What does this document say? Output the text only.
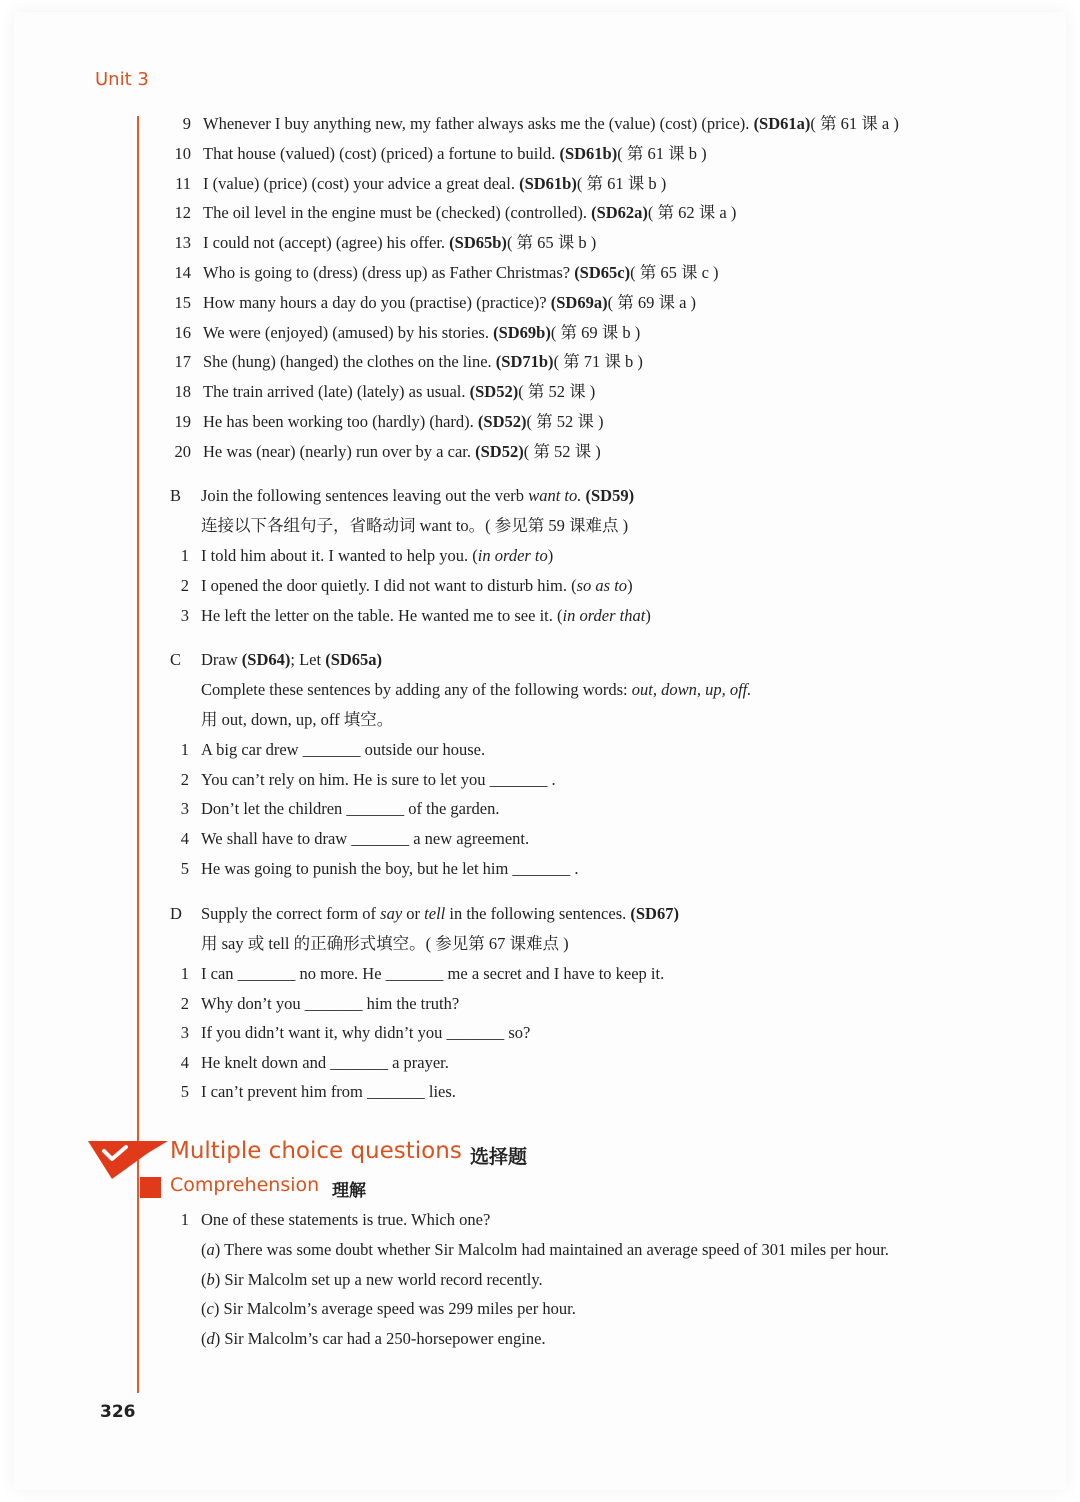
Unit 3
9 Whenever I buy anything new, my father always asks me the (value) (cost) (price). (SD61a)( 第 61 课 a )
10 That house (valued) (cost) (priced) a fortune to build. (SD61b)( 第 61 课 b )
11 I (value) (price) (cost) your advice a great deal. (SD61b)( 第 61 课 b )
12 The oil level in the engine must be (checked) (controlled). (SD62a)( 第 62 课 a )
13 I could not (accept) (agree) his offer. (SD65b)( 第 65 课 b )
14 Who is going to (dress) (dress up) as Father Christmas? (SD65c)( 第 65 课 c )
15 How many hours a day do you (practise) (practice)? (SD69a)( 第 69 课 a )
16 We were (enjoyed) (amused) by his stories. (SD69b)( 第 69 课 b )
17 She (hung) (hanged) the clothes on the line. (SD71b)( 第 71 课 b )
18 The train arrived (late) (lately) as usual. (SD52)( 第 52 课 )
19 He has been working too (hardly) (hard). (SD52)( 第 52 课 )
20 He was (near) (nearly) run over by a car. (SD52)( 第 52 课 )
B Join the following sentences leaving out the verb want to. (SD59)
连接以下各组句子，省略动词 want to。( 参见第 59 课难点 )
1 I told him about it. I wanted to help you. (in order to)
2 I opened the door quietly. I did not want to disturb him. (so as to)
3 He left the letter on the table. He wanted me to see it. (in order that)
C Draw (SD64); Let (SD65a)
Complete these sentences by adding any of the following words: out, down, up, off.
用 out, down, up, off 填空。
1 A big car drew _______ outside our house.
2 You can’t rely on him. He is sure to let you _______ .
3 Don’t let the children _______ of the garden.
4 We shall have to draw _______ a new agreement.
5 He was going to punish the boy, but he let him _______ .
D Supply the correct form of say or tell in the following sentences. (SD67)
用 say 或 tell 的正确形式填空。( 参见第 67 课难点 )
1 I can _______ no more. He _______ me a secret and I have to keep it.
2 Why don’t you _______ him the truth?
3 If you didn’t want it, why didn’t you _______ so?
4 He knelt down and _______ a prayer.
5 I can’t prevent him from _______ lies.
1 One of these statements is true. Which one?
(a) There was some doubt whether Sir Malcolm had maintained an average speed of 301 miles per hour.
(b) Sir Malcolm set up a new world record recently.
(c) Sir Malcolm’s average speed was 299 miles per hour.
(d) Sir Malcolm’s car had a 250-horsepower engine.
Multiple choice questions 选择题
Comprehension 理解
326
